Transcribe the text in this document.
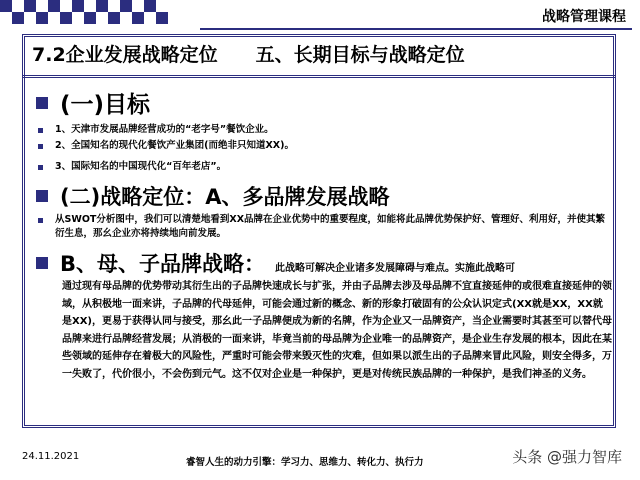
战略管理课程
7.2企业发展战略定位 五、长期目标与战略定位
(一)目标
1、天津市发展品牌经营成功的“老字号”餐饮企业。
2、全国知名的现代化餐饮产业集团(而绝非只知道XX)。
3、国际知名的中国现代化“百年老店”。
(二)战略定位：A、多品牌发展战略
从SWOT分析图中，我们可以清楚地看到XX品牌在企业优势中的重要程度，如能将此品牌优势保护好、管理好、利用好，并使其繁衍生息，那幺企业亦将持续地向前发展。
B、母、子品牌战略： 此战略可解决企业诸多发展障碍与难点。实施此战略可
通过现有母品牌的优势带动其衍生出的子品牌快速成长与扩张，并由子品牌去涉及母品牌不宜直接延伸的或很难直接延伸的领域，从积极地一面来讲，子品牌的代母延伸，可能会通过新的概念、新的形象打破固有的公众认识定式(XX就是XX，XX就是XX)，更易于获得认同与接受，那幺此一子品牌便成为新的名牌，作为企业又一品牌资产，当企业需要时其甚至可以替代母品牌来进行品牌经营发展；从消极的一面来讲，毕竟当前的母品牌为企业唯一的品牌资产，是企业生存发展的根本，因此在某些领域的延伸存在着极大的风险性，严重时可能会带来毁灭性的灾难，但如果以派生出的子品牌来冒此风险，则安全得多，万一失败了，代价很小，不会伤到元气。这不仅对企业是一种保护，更是对传统民族品牌的一种保护，是我们神圣的义务。
24.11.2021
睿智人生的动力引擎：学习力、思维力、转化力、执行力	头条 @强力智库
